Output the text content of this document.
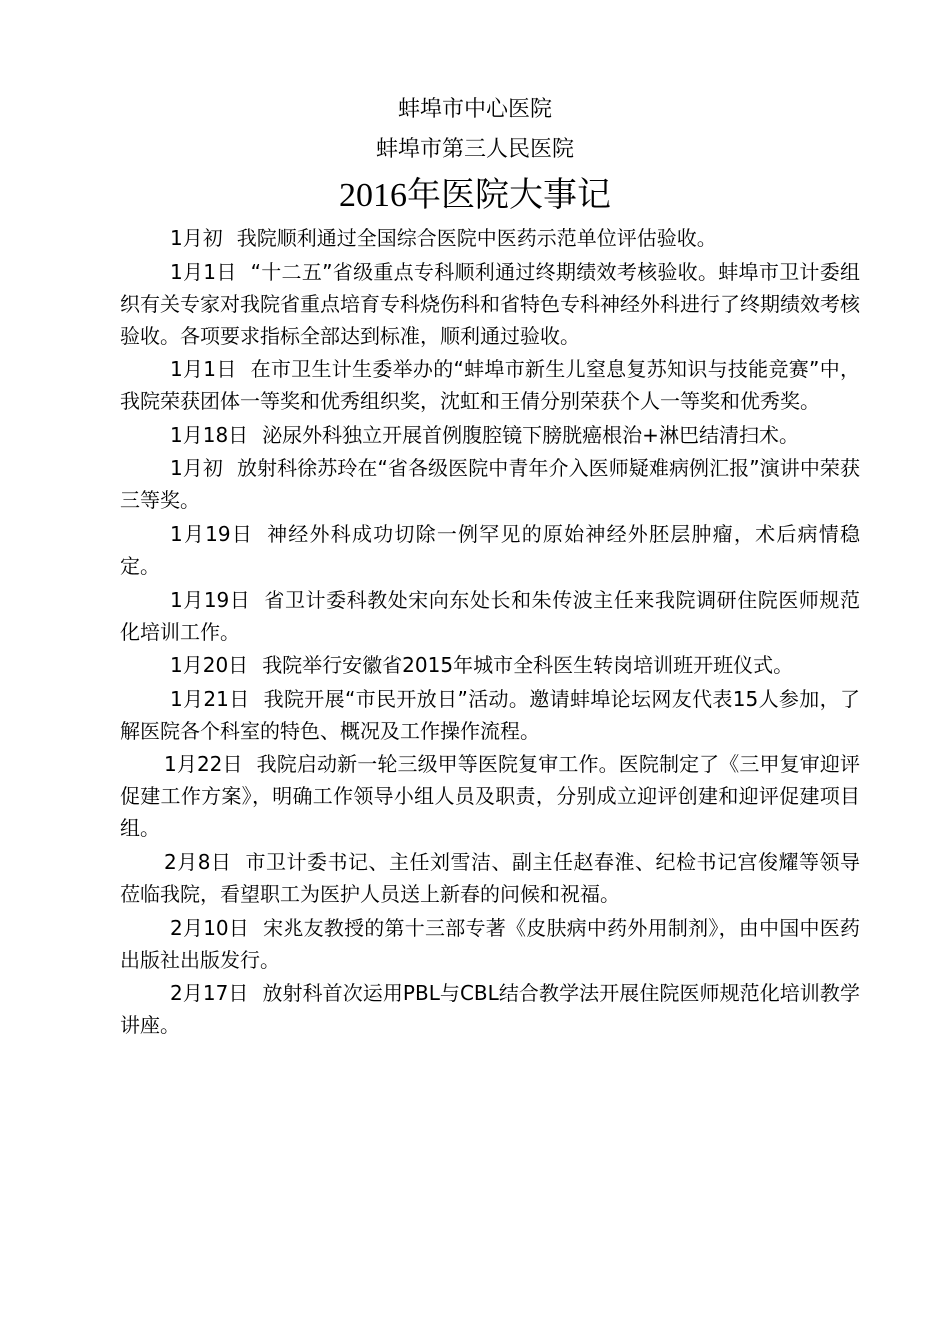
蚌埠市中心医院
蚌埠市第三人民医院
2016年医院大事记

1月初 我院顺利通过全国综合医院中医药示范单位评估验收。

1月1日 “十二五”省级重点专科顺利通过终期绩效考核验收。蚌埠市卫计委组织有关专家对我院省重点培育专科烧伤科和省特色专科神经外科进行了终期绩效考核验收。各项要求指标全部达到标准，顺利通过验收。

1月1日 在市卫生计生委举办的“蚌埠市新生儿窒息复苏知识与技能竞赛”中，我院荣获团体一等奖和优秀组织奖，沈虹和王倩分别荣获个人一等奖和优秀奖。

1月18日 泌尿外科独立开展首例腹腔镜下膀胱癌根治+淋巴结清扫术。

1月初 放射科徐苏玲在“省各级医院中青年介入医师疑难病例汇报”演讲中荣获三等奖。

1月19日 神经外科成功切除一例罕见的原始神经外胚层肿瘤，术后病情稳定。

1月19日 省卫计委科教处宋向东处长和朱传波主任来我院调研住院医师规范化培训工作。

1月20日 我院举行安徽省2015年城市全科医生转岗培训班开班仪式。

1月21日 我院开展“市民开放日”活动。邀请蚌埠论坛网友代表15人参加，了解医院各个科室的特色、概况及工作操作流程。

1月22日 我院启动新一轮三级甲等医院复审工作。医院制定了《三甲复审迎评促建工作方案》，明确工作领导小组人员及职责，分别成立迎评创建和迎评促建项目组。

2月8日 市卫计委书记、主任刘雪洁、副主任赵春淮、纪检书记宫俊耀等领导莅临我院，看望职工为医护人员送上新春的问候和祝福。

2月10日 宋兆友教授的第十三部专著《皮肤病中药外用制剂》，由中国中医药出版社出版发行。

2月17日 放射科首次运用PBL与CBL结合教学法开展住院医师规范化培训教学讲座。
